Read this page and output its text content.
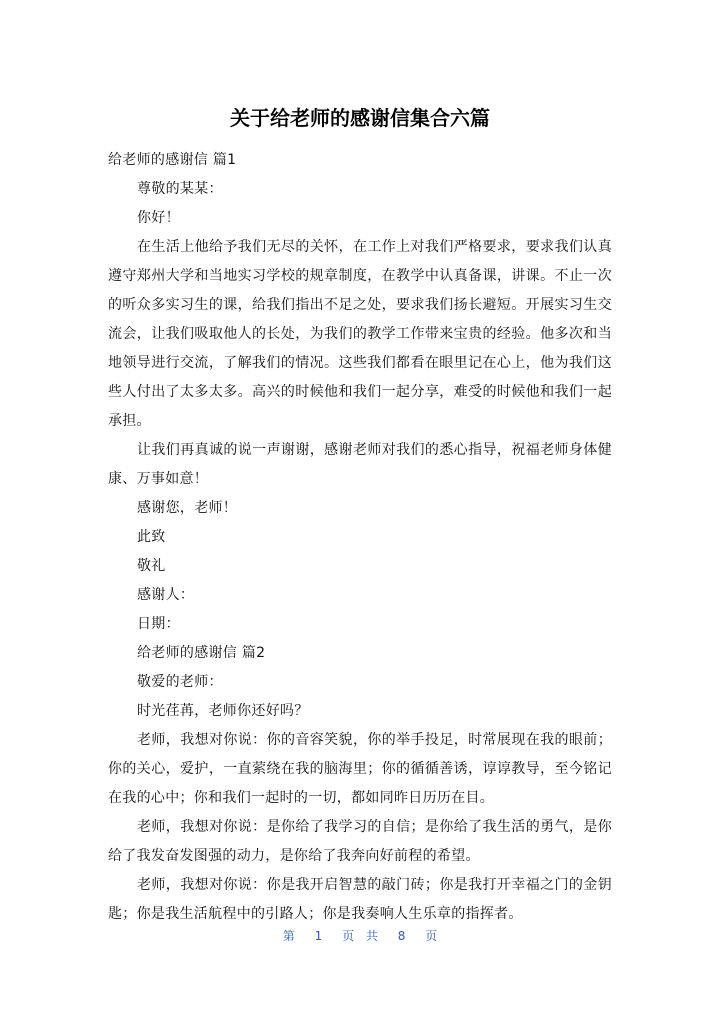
关于给老师的感谢信集合六篇

给老师的感谢信 篇1

尊敬的某某：

你好！

在生活上他给予我们无尽的关怀，在工作上对我们严格要求，要求我们认真遵守郑州大学和当地实习学校的规章制度，在教学中认真备课，讲课。不止一次的听众多实习生的课，给我们指出不足之处，要求我们扬长避短。开展实习生交流会，让我们吸取他人的长处，为我们的教学工作带来宝贵的经验。他多次和当地领导进行交流，了解我们的情况。这些我们都看在眼里记在心上，他为我们这些人付出了太多太多。高兴的时候他和我们一起分享，难受的时候他和我们一起承担。

让我们再真诚的说一声谢谢，感谢老师对我们的悉心指导，祝福老师身体健康、万事如意！

感谢您，老师！

此致

敬礼

感谢人：

日期：

给老师的感谢信 篇2

敬爱的老师：

时光荏苒，老师你还好吗？

老师，我想对你说：你的音容笑貌，你的举手投足，时常展现在我的眼前；你的关心，爱护，一直萦绕在我的脑海里；你的循循善诱，谆谆教导，至今铭记在我的心中；你和我们一起时的一切，都如同昨日历历在目。

老师，我想对你说：是你给了我学习的自信；是你给了我生活的勇气，是你给了我发奋发图强的动力，是你给了我奔向好前程的希望。

老师，我想对你说：你是我开启智慧的敲门砖；你是我打开幸福之门的金钥匙；你是我生活航程中的引路人；你是我奏响人生乐章的指挥者。

第 1 页 共 8 页
